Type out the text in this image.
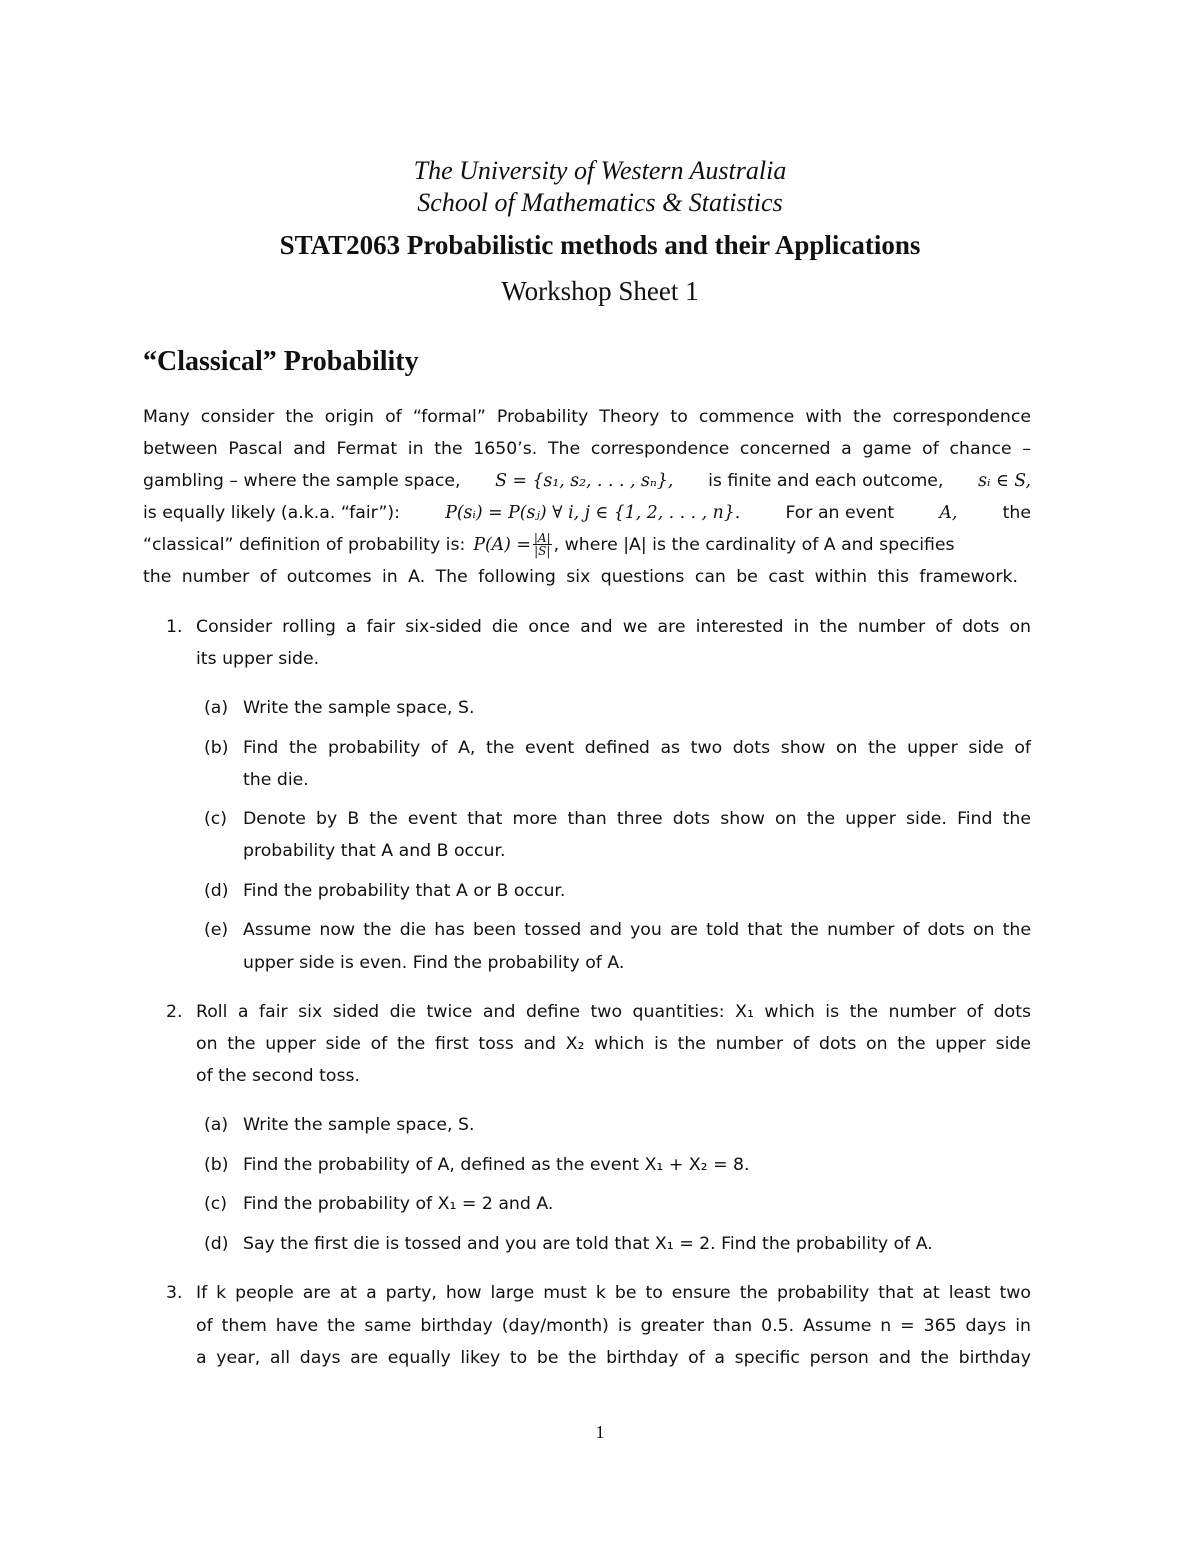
The University of Western Australia
School of Mathematics & Statistics
STAT2063 Probabilistic methods and their Applications
Workshop Sheet 1
“Classical” Probability
Many consider the origin of “formal” Probability Theory to commence with the correspondence
between Pascal and Fermat in the 1650’s. The correspondence concerned a game of chance –
gambling – where the sample space, S = {s₁, s₂, . . . , sₙ}, is finite and each outcome, sᵢ ∈ S,
is equally likely (a.k.a. “fair”):	P(sᵢ) = P(sⱼ) ∀ i, j ∈ {1, 2, . . . , n}.	For an event	A,	the
“classical” definition of probability is: $P(A) = \frac{|A|}{|S|}$ , where |A| is the cardinality of A and specifies
the number of outcomes in A. The following six questions can be cast within this framework.
1. Consider rolling a fair six-sided die once and we are interested in the number of dots on
its upper side.
(a) Write the sample space, S.
(b) Find the probability of A, the event defined as two dots show on the upper side of
the die.
(c) Denote by B the event that more than three dots show on the upper side. Find the
probability that A and B occur.
(d) Find the probability that A or B occur.
(e) Assume now the die has been tossed and you are told that the number of dots on the
upper side is even. Find the probability of A.
2. Roll a fair six sided die twice and define two quantities: X₁ which is the number of dots
on the upper side of the first toss and X₂ which is the number of dots on the upper side
of the second toss.
(a) Write the sample space, S.
(b) Find the probability of A, defined as the event X₁ + X₂ = 8.
(c) Find the probability of X₁ = 2 and A.
(d) Say the first die is tossed and you are told that X₁ = 2. Find the probability of A.
3. If k people are at a party, how large must k be to ensure the probability that at least two
of them have the same birthday (day/month) is greater than 0.5. Assume n = 365 days in
a year, all days are equally likey to be the birthday of a specific person and the birthday
1
